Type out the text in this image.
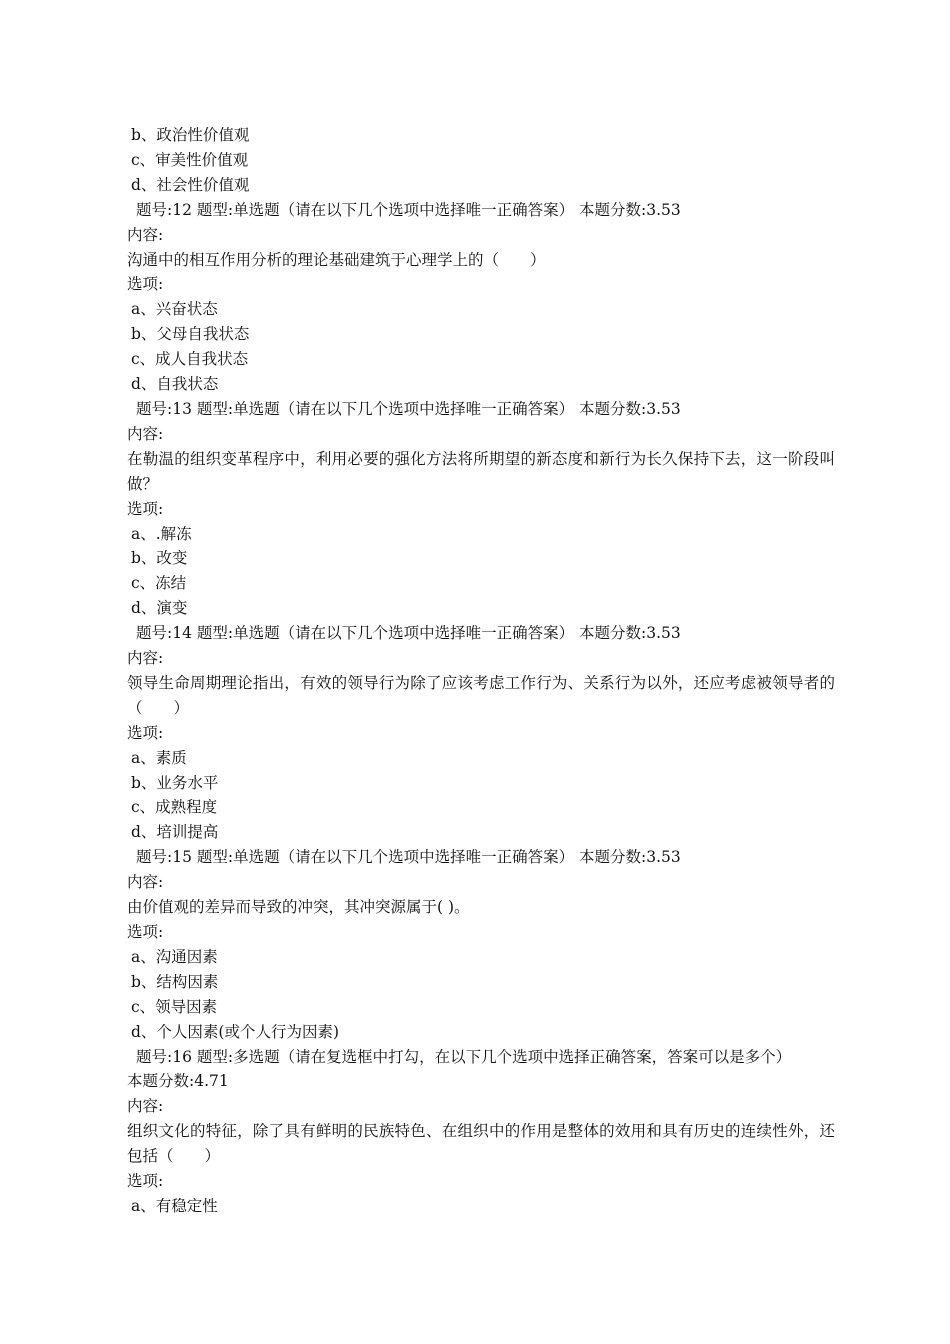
b、政治性价值观
c、审美性价值观
d、社会性价值观
题号:12 题型:单选题（请在以下几个选项中选择唯一正确答案） 本题分数:3.53
内容:
沟通中的相互作用分析的理论基础建筑于心理学上的（　　）
选项:
a、兴奋状态
b、父母自我状态
c、成人自我状态
d、自我状态
题号:13 题型:单选题（请在以下几个选项中选择唯一正确答案） 本题分数:3.53
内容:
在勒温的组织变革程序中，利用必要的强化方法将所期望的新态度和新行为长久保持下去，这一阶段叫做？
选项:
a、.解冻
b、改变
c、冻结
d、演变
题号:14 题型:单选题（请在以下几个选项中选择唯一正确答案） 本题分数:3.53
内容:
领导生命周期理论指出，有效的领导行为除了应该考虑工作行为、关系行为以外，还应考虑被领导者的（　　）
选项:
a、素质
b、业务水平
c、成熟程度
d、培训提高
题号:15 题型:单选题（请在以下几个选项中选择唯一正确答案） 本题分数:3.53
内容:
由价值观的差异而导致的冲突，其冲突源属于( )。
选项:
a、沟通因素
b、结构因素
c、领导因素
d、个人因素(或个人行为因素)
题号:16 题型:多选题（请在复选框中打勾，在以下几个选项中选择正确答案，答案可以是多个）
本题分数:4.71
内容:
组织文化的特征，除了具有鲜明的民族特色、在组织中的作用是整体的效用和具有历史的连续性外，还包括（　　）
选项:
a、有稳定性
